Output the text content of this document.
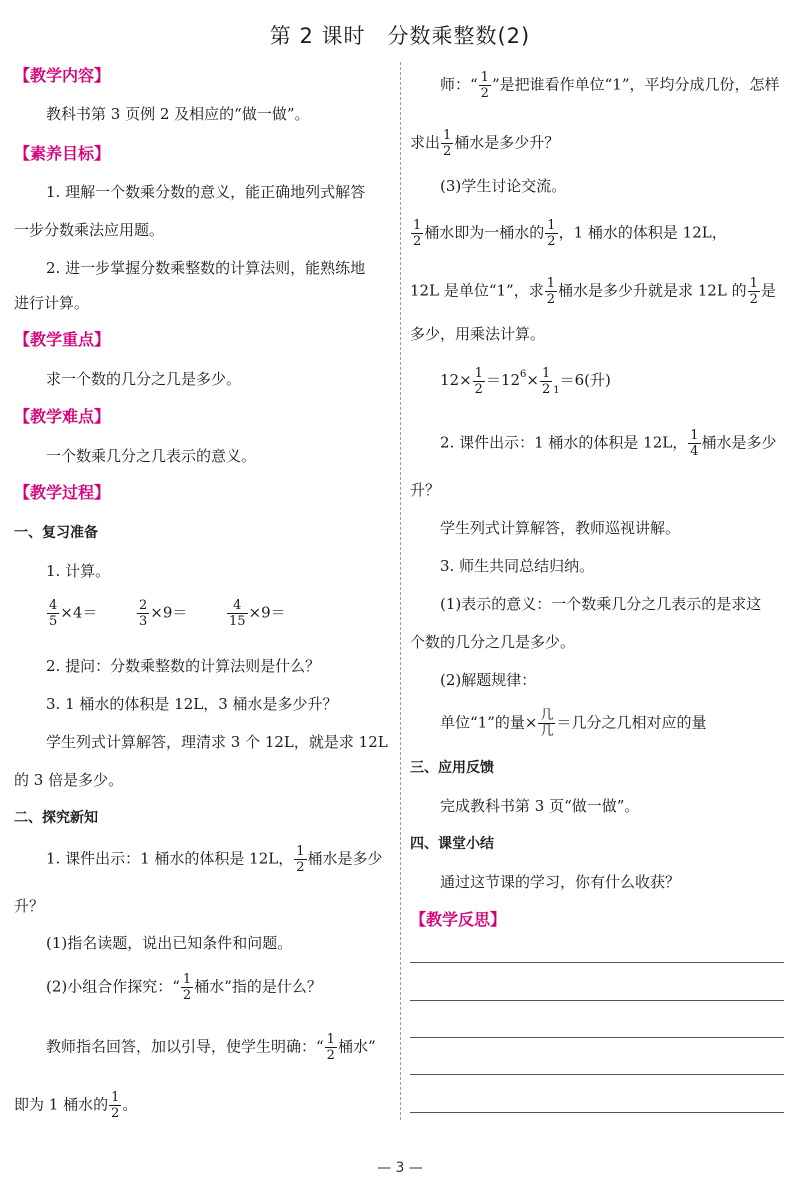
第 2 课时　分数乘整数(2)
【教学内容】
教科书第 3 页例 2 及相应的“做一做”。
【素养目标】
1. 理解一个数乘分数的意义，能正确地列式解答
一步分数乘法应用题。
2. 进一步掌握分数乘整数的计算法则，能熟练地
进行计算。
【教学重点】
求一个数的几分之几是多少。
【教学难点】
一个数乘几分之几表示的意义。
【教学过程】
一、复习准备
1. 计算。
$\frac{4}{5} \times 4=$	$\frac{2}{3} \times 9=$	$\frac{4}{15} \times 9=$
2. 提问：分数乘整数的计算法则是什么？
3. 1 桶水的体积是 12L，3 桶水是多少升？
学生列式计算解答，理清求 3 个 12L，就是求 12L
的 3 倍是多少。
二、探究新知
1. 课件出示：1 桶水的体积是 12L， $\frac{1}{2}$ 桶水是多少
升？
(1)指名读题，说出已知条件和问题。
(2)小组合作探究：“ $\frac{1}{2}$ 桶水”指的是什么？
教师指名回答，加以引导，使学生明确：“ $\frac{1}{2}$ 桶水”
即为 1 桶水的 $\frac{1}{2}$ 。
师：“ $\frac{1}{2}$ ”是把谁看作单位“1”，平均分成几份，怎样
求出 $\frac{1}{2}$ 桶水是多少升？
(3)学生讨论交流。
$\frac{1}{2}$ 桶水即为一桶水的 $\frac{1}{2}$ ，1 桶水的体积是 12L，
12L 是单位“1”，求 $\frac{1}{2}$ 桶水是多少升就是求 12L 的 $\frac{1}{2}$ 是
多少，用乘法计算。
$12\times \frac{1}{2} =12^6\times \frac{1}{2} _1=6$(升)
2. 课件出示：1 桶水的体积是 12L， $\frac{1}{4}$ 桶水是多少
升？
学生列式计算解答，教师巡视讲解。
3. 师生共同总结归纳。
(1)表示的意义：一个数乘几分之几表示的是求这
个数的几分之几是多少。
(2)解题规律：
单位“1”的量× $\frac{\text{几}}{\text{几}}$ ＝几分之几相对应的量
三、应用反馈
完成教科书第 3 页“做一做”。
四、课堂小结
通过这节课的学习，你有什么收获？
【教学反思】
— 3 —
